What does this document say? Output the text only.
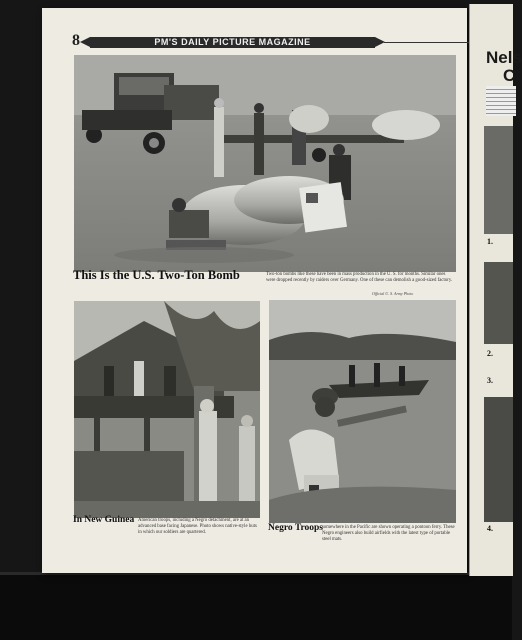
8	PM'S DAILY PICTURE MAGAZINE
This Is the U.S. Two-Ton Bomb	Two-ton bombs like these have been in mass production in the U. S. for months. Similar ones were dropped recently by raiders over Germany. One of these can demolish a good-sized factory.
Official U. S. Army Photo
In New Guinea American troops, including a Negro detachment, are at an advanced base facing Japanese. Photo shows native-style huts in which our soldiers are quartered.	Negro Troops somewhere in the Pacific are shown operating a pontoon ferry. These Negro engineers also build airfields with the latest type of portable steel mats.
Nels
C
1.
2.
3.
4.
